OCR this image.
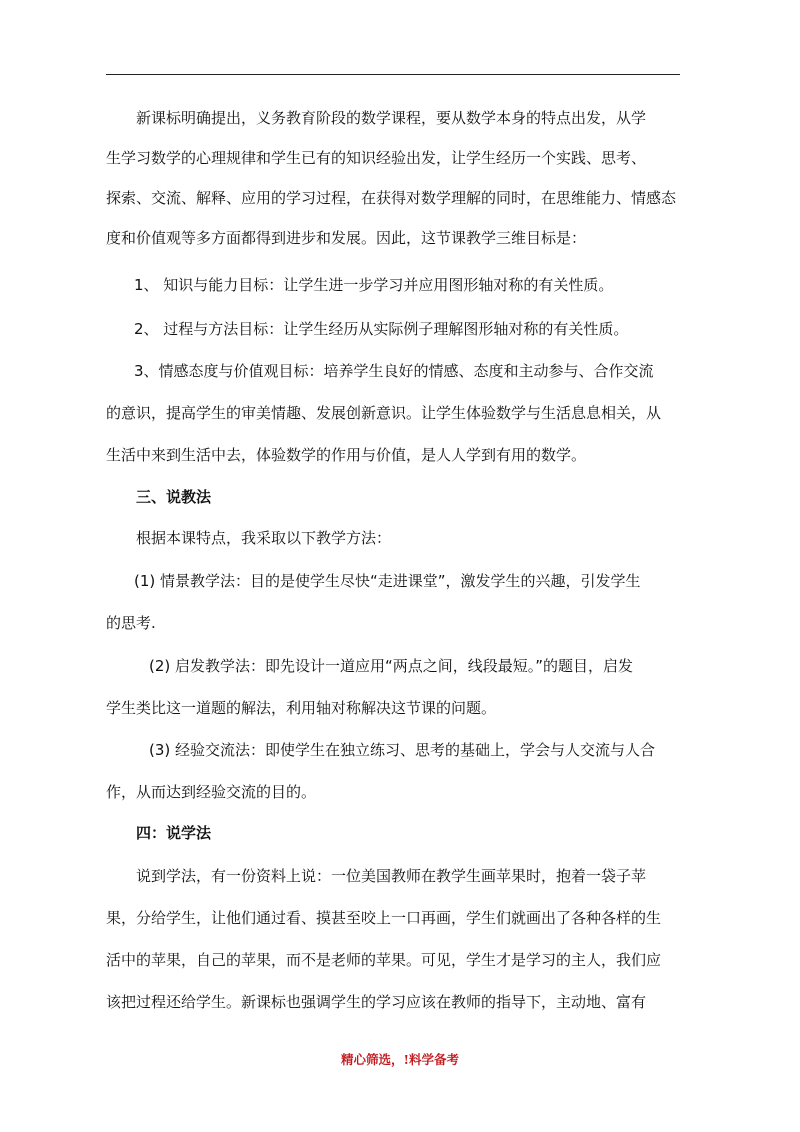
新课标明确提出，义务教育阶段的数学课程，要从数学本身的特点出发，从学
生学习数学的心理规律和学生已有的知识经验出发，让学生经历一个实践、思考、
探索、交流、解释、应用的学习过程，在获得对数学理解的同时，在思维能力、情感态
度和价值观等多方面都得到进步和发展。因此，这节课教学三维目标是：
1、 知识与能力目标：让学生进一步学习并应用图形轴对称的有关性质。
2、 过程与方法目标：让学生经历从实际例子理解图形轴对称的有关性质。
3、情感态度与价值观目标：培养学生良好的情感、态度和主动参与、合作交流
的意识，提高学生的审美情趣、发展创新意识。让学生体验数学与生活息息相关，从
生活中来到生活中去，体验数学的作用与价值，是人人学到有用的数学。
三、说教法
根据本课特点，我采取以下教学方法：
(1) 情景教学法：目的是使学生尽快“走进课堂”，激发学生的兴趣，引发学生
的思考.
(2) 启发教学法：即先设计一道应用“两点之间，线段最短。”的题目，启发
学生类比这一道题的解法，利用轴对称解决这节课的问题。
(3) 经验交流法：即使学生在独立练习、思考的基础上，学会与人交流与人合
作，从而达到经验交流的目的。
四：说学法
说到学法，有一份资料上说：一位美国教师在教学生画苹果时，抱着一袋子苹
果，分给学生，让他们通过看、摸甚至咬上一口再画，学生们就画出了各种各样的生
活中的苹果，自己的苹果，而不是老师的苹果。可见，学生才是学习的主人，我们应
该把过程还给学生。新课标也强调学生的学习应该在教师的指导下，主动地、富有
精心筛选，!料学备考
